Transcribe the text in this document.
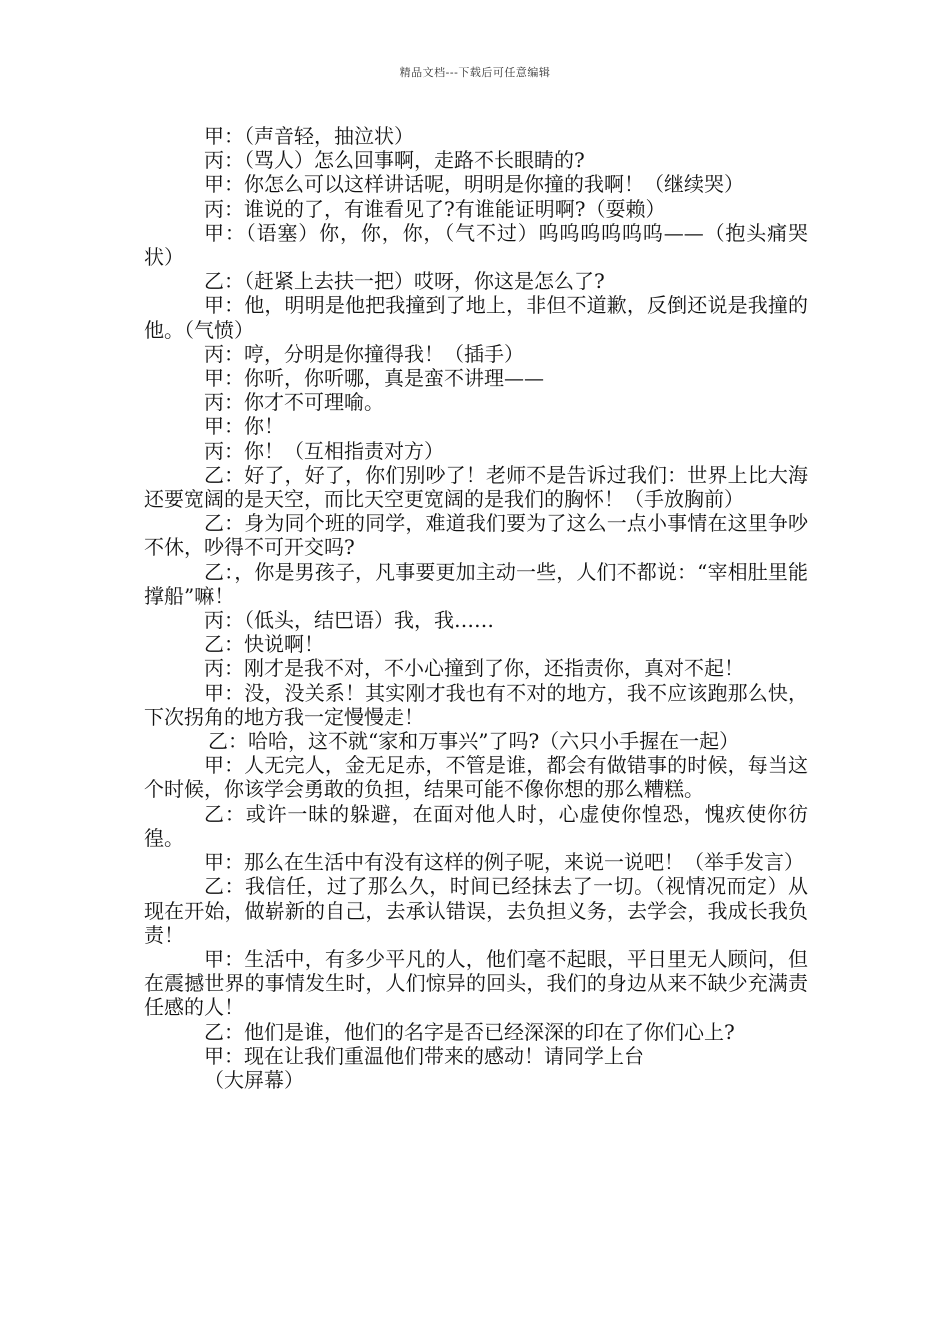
精品文档---下载后可任意编辑

甲：（声音轻，抽泣状）

丙：（骂人）怎么回事啊，走路不长眼睛的?

甲：你怎么可以这样讲话呢，明明是你撞的我啊！（继续哭）

丙：谁说的了，有谁看见了?有谁能证明啊?（耍赖）

甲：（语塞）你，你，你，（气不过）呜呜呜呜呜呜——（抱头痛哭状）

乙：（赶紧上去扶一把）哎呀，你这是怎么了?

甲：他，明明是他把我撞到了地上，非但不道歉，反倒还说是我撞的他。（气愤）

丙：哼，分明是你撞得我！（插手）

甲：你听，你听哪，真是蛮不讲理——

丙：你才不可理喻。

甲：你！

丙：你！（互相指责对方）

乙：好了，好了，你们别吵了！老师不是告诉过我们：世界上比大海还要宽阔的是天空，而比天空更宽阔的是我们的胸怀！（手放胸前）

乙：身为同个班的同学，难道我们要为了这么一点小事情在这里争吵不休，吵得不可开交吗?

乙：，你是男孩子，凡事要更加主动一些，人们不都说：“宰相肚里能撑船”嘛！

丙：（低头，结巴语）我，我……

乙：快说啊！

丙：刚才是我不对，不小心撞到了你，还指责你，真对不起！

甲：没，没关系！其实刚才我也有不对的地方，我不应该跑那么快，下次拐角的地方我一定慢慢走！

乙：哈哈，这不就“家和万事兴”了吗?（六只小手握在一起）

甲：人无完人，金无足赤，不管是谁，都会有做错事的时候，每当这个时候，你该学会勇敢的负担，结果可能不像你想的那么糟糕。

乙：或许一昧的躲避，在面对他人时，心虚使你惶恐，愧疚使你彷徨。

甲：那么在生活中有没有这样的例子呢，来说一说吧！（举手发言）

乙：我信任，过了那么久，时间已经抹去了一切。（视情况而定）从现在开始，做崭新的自己，去承认错误，去负担义务，去学会，我成长我负责！

甲：生活中，有多少平凡的人，他们毫不起眼，平日里无人顾问，但在震撼世界的事情发生时，人们惊异的回头，我们的身边从来不缺少充满责任感的人！

乙：他们是谁，他们的名字是否已经深深的印在了你们心上?

甲：现在让我们重温他们带来的感动！请同学上台

（大屏幕）
